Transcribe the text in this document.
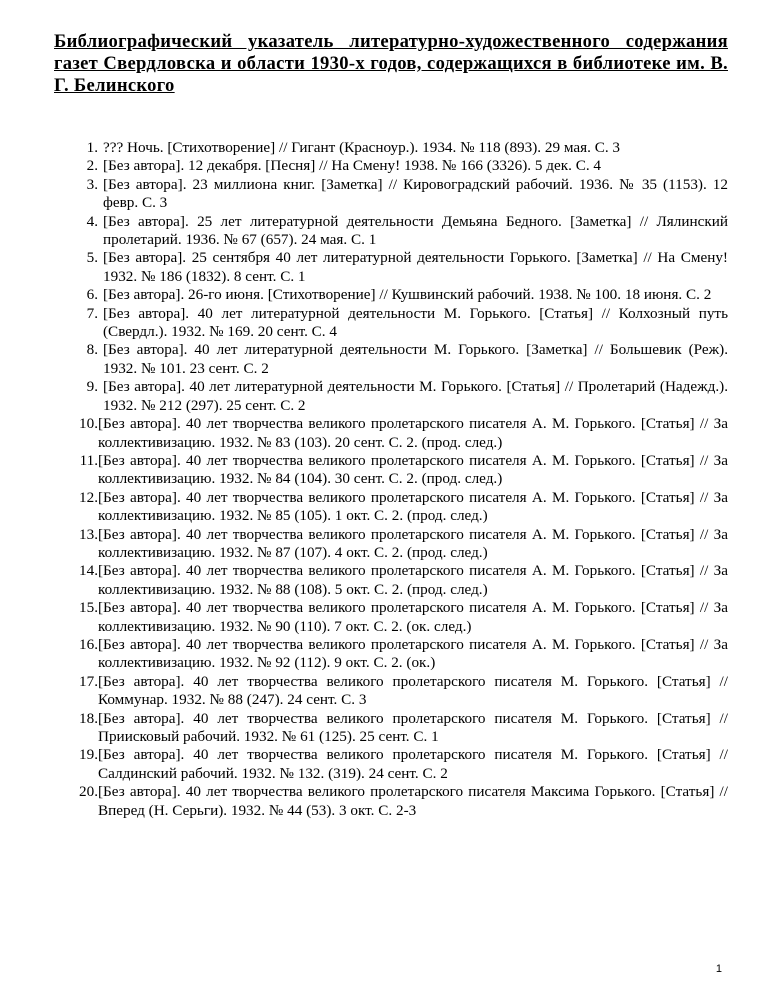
Библиографический указатель литературно-художественного содержания газет Свердловска и области 1930-х годов, содержащихся в библиотеке им. В. Г. Белинского
1. ??? Ночь. [Стихотворение] // Гигант (Красноур.). 1934. № 118 (893). 29 мая. С. 3
2. [Без автора]. 12 декабря. [Песня] // На Смену! 1938. № 166 (3326). 5 дек. С. 4
3. [Без автора]. 23 миллиона книг. [Заметка] // Кировоградский рабочий. 1936. № 35 (1153). 12 февр. С. 3
4. [Без автора]. 25 лет литературной деятельности Демьяна Бедного. [Заметка] // Лялинский пролетарий. 1936. № 67 (657). 24 мая. С. 1
5. [Без автора]. 25 сентября 40 лет литературной деятельности Горького. [Заметка] // На Смену! 1932. № 186 (1832). 8 сент. С. 1
6. [Без автора]. 26-го июня. [Стихотворение] // Кушвинский рабочий. 1938. № 100. 18 июня. С. 2
7. [Без автора]. 40 лет литературной деятельности М. Горького. [Статья] // Колхозный путь (Свердл.). 1932. № 169. 20 сент. С. 4
8. [Без автора]. 40 лет литературной деятельности М. Горького. [Заметка] // Большевик (Реж). 1932. № 101. 23 сент. С. 2
9. [Без автора]. 40 лет литературной деятельности М. Горького. [Статья] // Пролетарий (Надежд.). 1932. № 212 (297). 25 сент. С. 2
10. [Без автора]. 40 лет творчества великого пролетарского писателя А. М. Горького. [Статья] // За коллективизацию. 1932. № 83 (103). 20 сент. С. 2. (прод. след.)
11. [Без автора]. 40 лет творчества великого пролетарского писателя А. М. Горького. [Статья] // За коллективизацию. 1932. № 84 (104). 30 сент. С. 2. (прод. след.)
12. [Без автора]. 40 лет творчества великого пролетарского писателя А. М. Горького. [Статья] // За коллективизацию. 1932. № 85 (105). 1 окт. С. 2. (прод. след.)
13. [Без автора]. 40 лет творчества великого пролетарского писателя А. М. Горького. [Статья] // За коллективизацию. 1932. № 87 (107). 4 окт. С. 2. (прод. след.)
14. [Без автора]. 40 лет творчества великого пролетарского писателя А. М. Горького. [Статья] // За коллективизацию. 1932. № 88 (108). 5 окт. С. 2. (прод. след.)
15. [Без автора]. 40 лет творчества великого пролетарского писателя А. М. Горького. [Статья] // За коллективизацию. 1932. № 90 (110). 7 окт. С. 2. (ок. след.)
16. [Без автора]. 40 лет творчества великого пролетарского писателя А. М. Горького. [Статья] // За коллективизацию. 1932. № 92 (112). 9 окт. С. 2. (ок.)
17. [Без автора]. 40 лет творчества великого пролетарского писателя М. Горького. [Статья] // Коммунар. 1932. № 88 (247). 24 сент. С. 3
18. [Без автора]. 40 лет творчества великого пролетарского писателя М. Горького. [Статья] // Приисковый рабочий. 1932. № 61 (125). 25 сент. С. 1
19. [Без автора]. 40 лет творчества великого пролетарского писателя М. Горького. [Статья] // Салдинский рабочий. 1932. № 132. (319). 24 сент. С. 2
20. [Без автора]. 40 лет творчества великого пролетарского писателя Максима Горького. [Статья] // Вперед (Н. Серьги). 1932. № 44 (53). 3 окт. С. 2-3
1
